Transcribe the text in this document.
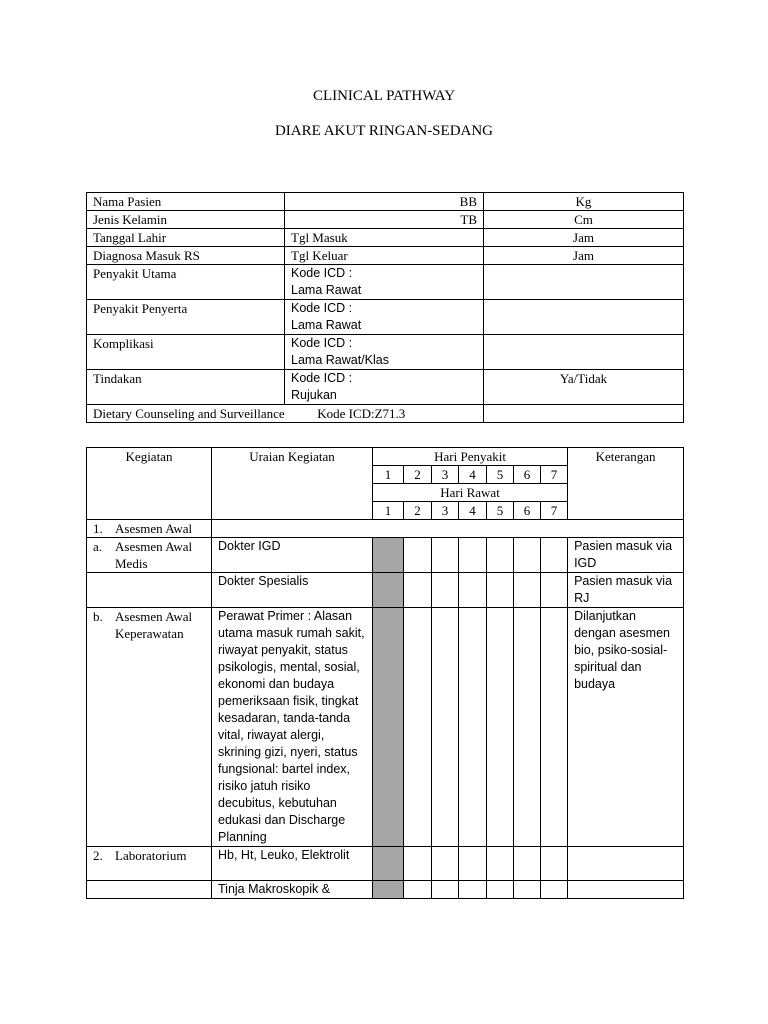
CLINICAL PATHWAY
DIARE AKUT RINGAN-SEDANG
Nama Pasien	BB	Kg
Jenis Kelamin	TB	Cm
Tanggal Lahir	Tgl Masuk	Jam
Diagnosa Masuk RS	Tgl Keluar	Jam
Penyakit Utama	Kode ICD :
Lama Rawat	

Penyakit Penyerta	Kode ICD :
Lama Rawat	

Komplikasi	Kode ICD :
Lama Rawat/Klas	

Tindakan	Kode ICD :
Rujukan	Ya/Tidak
Dietary Counseling and Surveillance Kode ICD:Z71.3		
Kegiatan	Uraian Kegiatan	Hari Penyakit							Keterangan
		1	2	3	4	5	6	7	
		Hari Rawat							
		1	2	3	4	5	6	7	
1. Asesmen Awal									
a. Asesmen Awal Medis	Dokter IGD								Pasien masuk via IGD
	Dokter Spesialis								Pasien masuk via RJ
b. Asesmen Awal Keperawatan	Perawat Primer : Alasan utama masuk rumah sakit, riwayat penyakit, status psikologis, mental, sosial, ekonomi dan budaya pemeriksaan fisik, tingkat kesadaran, tanda-tanda vital, riwayat alergi, skrining gizi, nyeri, status fungsional: bartel index, risiko jatuh risiko decubitus, kebutuhan edukasi dan Discharge Planning								Dilanjutkan dengan asesmen bio, psiko-sosial-spiritual dan budaya
2. Laboratorium	Hb, Ht, Leuko, Elektrolit								
	Tinja Makroskopik &								
